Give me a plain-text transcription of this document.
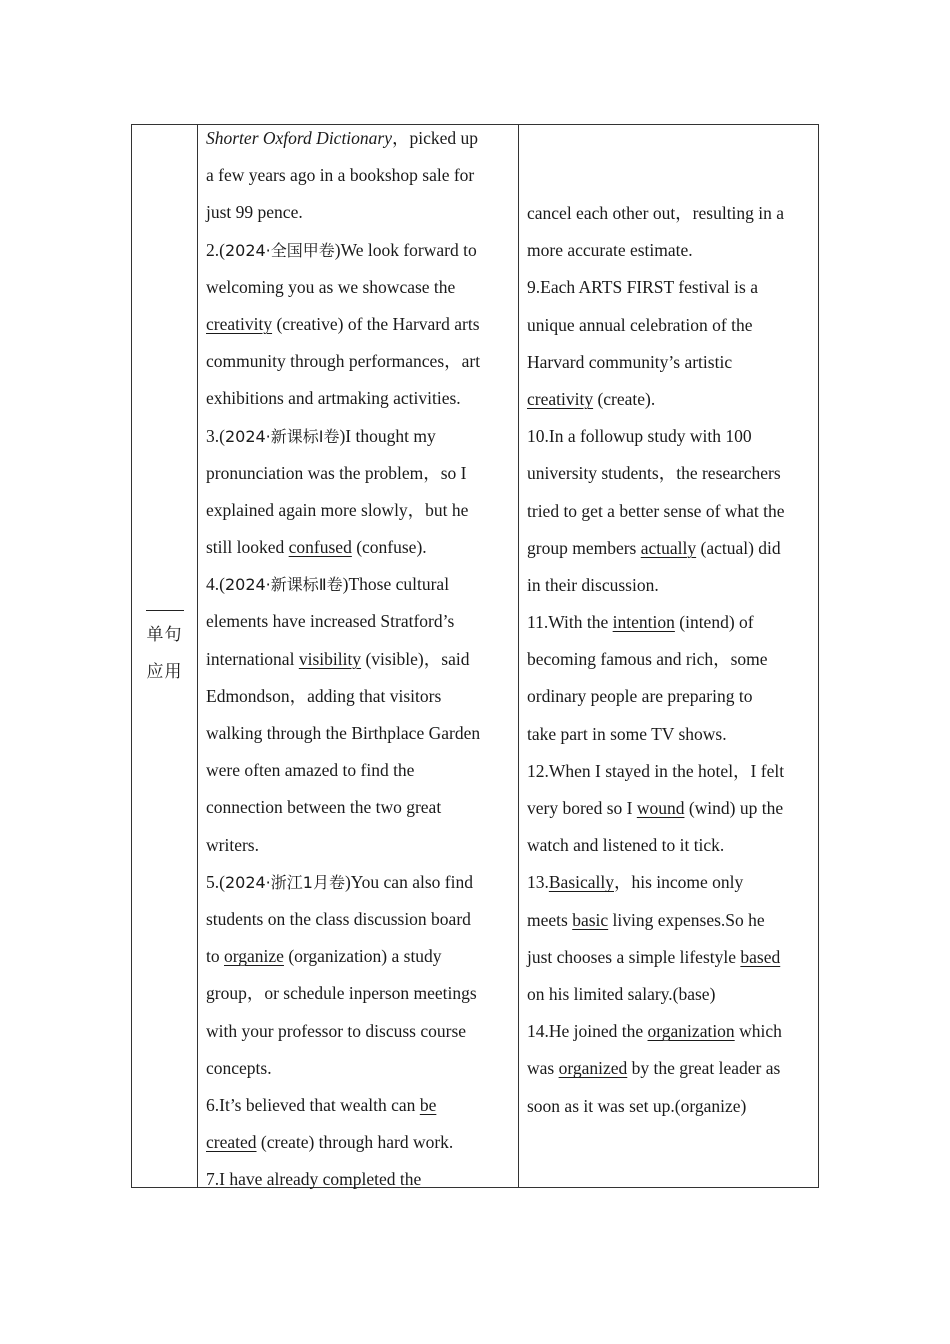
单句
应用
Shorter Oxford Dictionary，picked up
a few years ago in a bookshop sale for
just 99 pence.
2.(2024·全国甲卷)We look forward to
welcoming you as we showcase the
creativity (creative) of the Harvard arts
community through performances，art
exhibitions and artmaking activities.
3.(2024·新课标Ⅰ卷)I thought my
pronunciation was the problem，so I
explained again more slowly，but he
still looked confused (confuse).
4.(2024·新课标Ⅱ卷)Those cultural
elements have increased Stratford’s
international visibility (visible)，said
Edmondson，adding that visitors
walking through the Birthplace Garden
were often amazed to find the
connection between the two great
writers.
5.(2024·浙江1月卷)You can also find
students on the class discussion board
to organize (organization) a study
group，or schedule inperson meetings
with your professor to discuss course
concepts.
6.It’s believed that wealth can be
created (create) through hard work.
7.I have already completed the
cancel each other out，resulting in a
more accurate estimate.
9.Each ARTS FIRST festival is a
unique annual celebration of the
Harvard community’s artistic
creativity (create).
10.In a followup study with 100
university students，the researchers
tried to get a better sense of what the
group members actually (actual) did
in their discussion.
11.With the intention (intend) of
becoming famous and rich，some
ordinary people are preparing to
take part in some TV shows.
12.When I stayed in the hotel，I felt
very bored so I wound (wind) up the
watch and listened to it tick.
13.Basically，his income only
meets basic living expenses.So he
just chooses a simple lifestyle based
on his limited salary.(base)
14.He joined the organization which
was organized by the great leader as
soon as it was set up.(organize)
